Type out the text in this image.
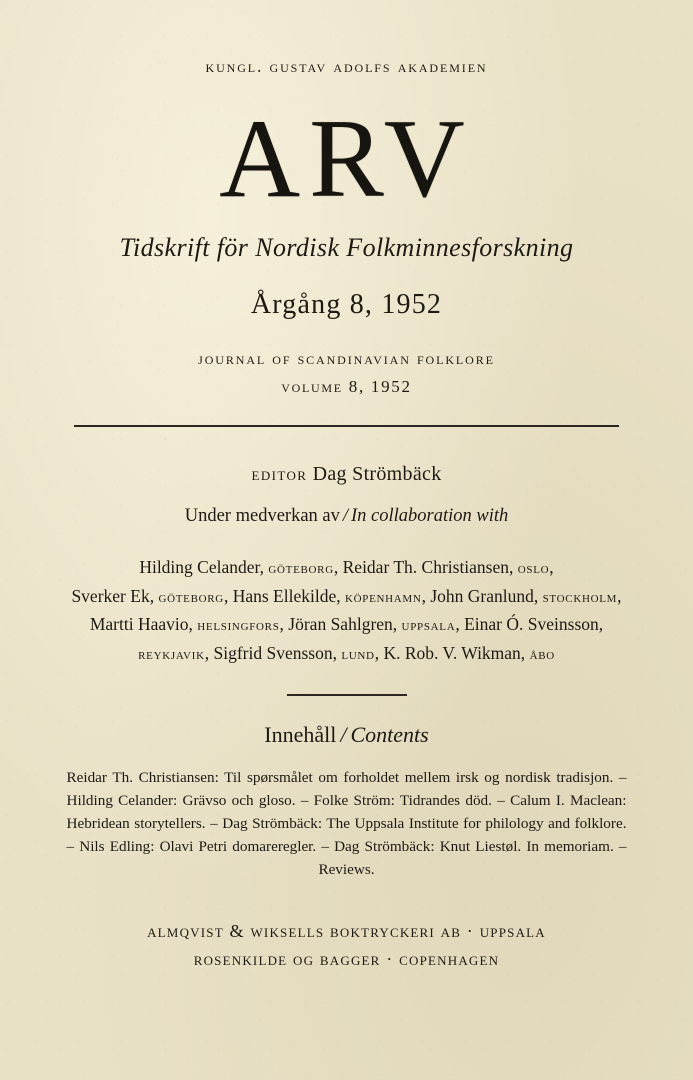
kungl. gustav adolfs akademien

ARV

Tidskrift för Nordisk Folkminnesforskning

Årgång 8, 1952

journal of scandinavian folklore

volume 8, 1952

editor Dag Strömbäck

Under medverkan av / In collaboration with

Hilding Celander, göteborg, Reidar Th. Christiansen, oslo,
Sverker Ek, göteborg, Hans Ellekilde, köpenhamn, John Granlund, stockholm,
Martti Haavio, helsingfors, Jöran Sahlgren, uppsala, Einar Ó. Sveinsson,
reykjavik, Sigfrid Svensson, lund, K. Rob. V. Wikman, åbo

Innehåll / Contents

Reidar Th. Christiansen: Til spørsmålet om forholdet mellem irsk og nordisk tradisjon. – Hilding Celander: Grävso och gloso. – Folke Ström: Tidrandes död. – Calum I. Maclean: Hebridean storytellers. – Dag Strömbäck: The Uppsala Institute for philology and folklore. – Nils Edling: Olavi Petri domareregler. – Dag Strömbäck: Knut Liestøl. In memoriam. – Reviews.

almqvist & wiksells boktryckeri ab · uppsala

rosenkilde og bagger · copenhagen
